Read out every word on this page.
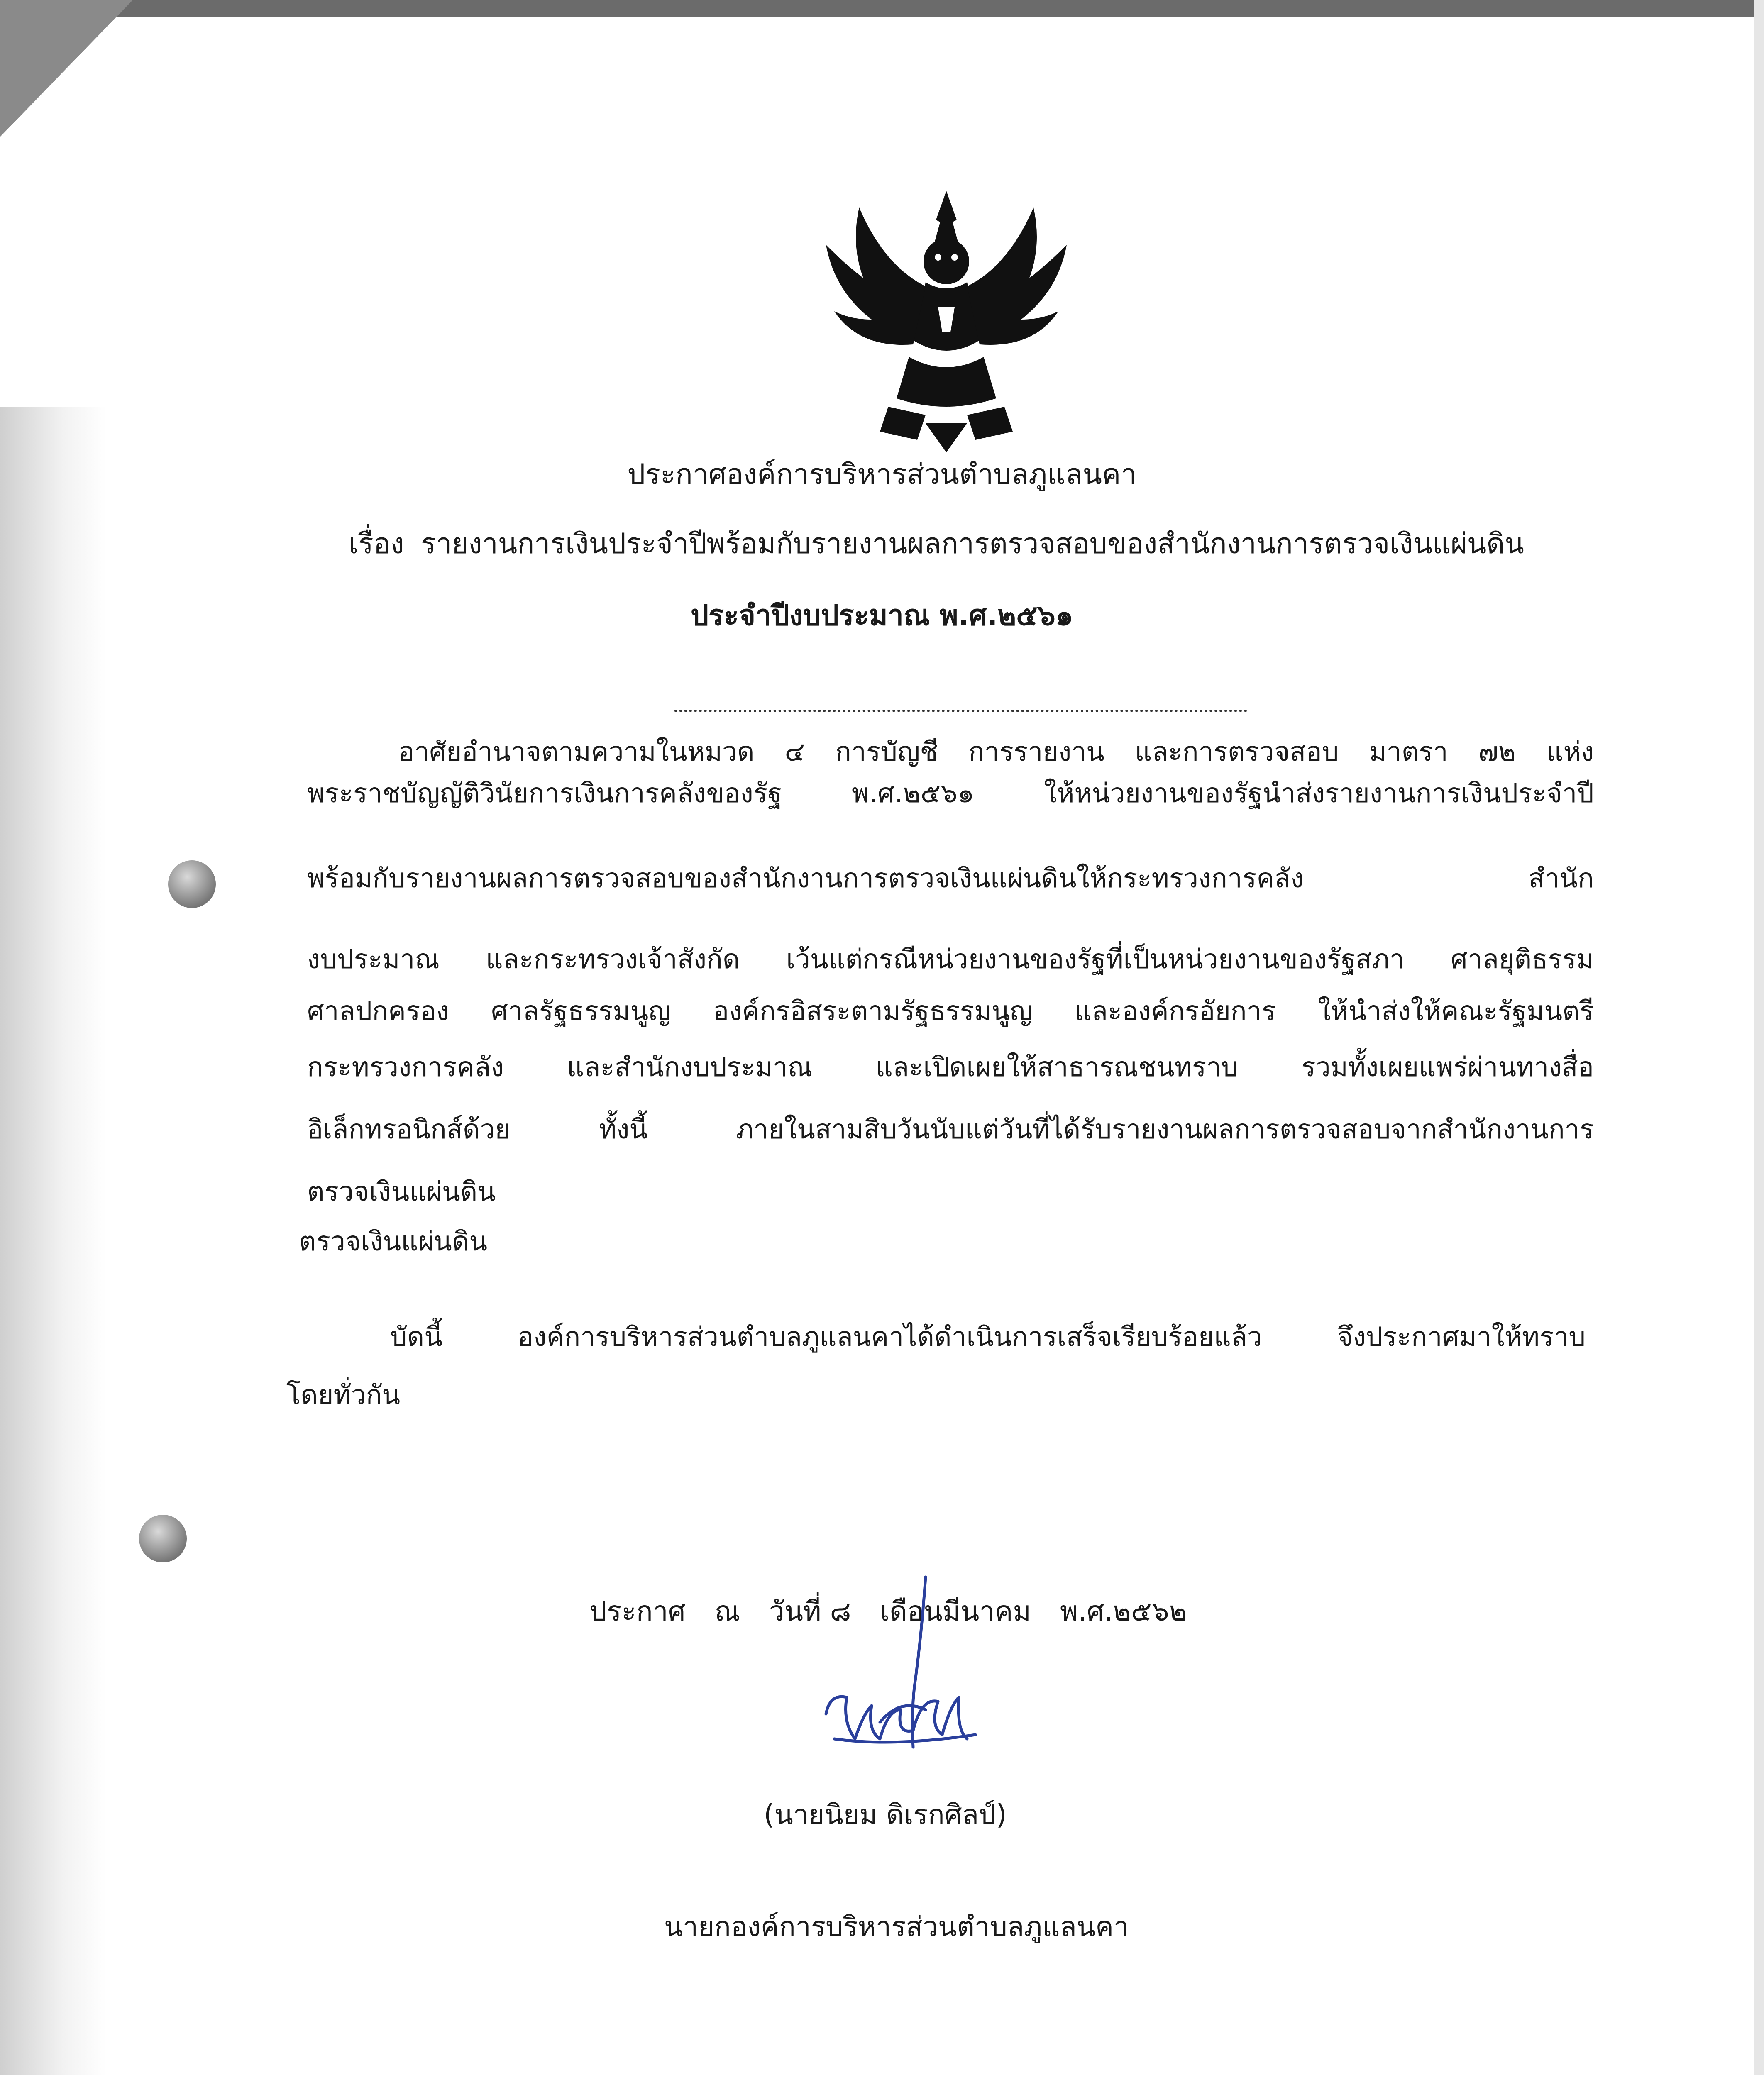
ประกาศองค์การบริหารส่วนตำบลภูแลนคา
เรื่อง รายงานการเงินประจำปีพร้อมกับรายงานผลการตรวจสอบของสำนักงานการตรวจเงินแผ่นดิน
ประจำปีงบประมาณ พ.ศ.๒๕๖๑
อาศัยอำนาจตามความในหมวด ๔ การบัญชี การรายงาน และการตรวจสอบ มาตรา ๗๒ แห่ง
พระราชบัญญัติวินัยการเงินการคลังของรัฐ พ.ศ.๒๕๖๑ ให้หน่วยงานของรัฐนำส่งรายงานการเงินประจำปี
พร้อมกับรายงานผลการตรวจสอบของสำนักงานการตรวจเงินแผ่นดินให้กระทรวงการคลัง สำนัก
งบประมาณ และกระทรวงเจ้าสังกัด เว้นแต่กรณีหน่วยงานของรัฐที่เป็นหน่วยงานของรัฐสภา ศาลยุติธรรม
ศาลปกครอง ศาลรัฐธรรมนูญ องค์กรอิสระตามรัฐธรรมนูญ และองค์กรอัยการ ให้นำส่งให้คณะรัฐมนตรี
กระทรวงการคลัง และสำนักงบประมาณ และเปิดเผยให้สาธารณชนทราบ รวมทั้งเผยแพร่ผ่านทางสื่อ
อิเล็กทรอนิกส์ด้วย ทั้งนี้ ภายในสามสิบวันนับแต่วันที่ได้รับรายงานผลการตรวจสอบจากสำนักงานการ
ตรวจเงินแผ่นดิน
ตรวจเงินแผ่นดิน
บัดนี้ องค์การบริหารส่วนตำบลภูแลนคาได้ดำเนินการเสร็จเรียบร้อยแล้ว จึงประกาศมาให้ทราบ
โดยทั่วกัน
ประกาศ ณ วันที่ ๘ เดือนมีนาคม พ.ศ.๒๕๖๒
(นายนิยม ดิเรกศิลป์)
นายกองค์การบริหารส่วนตำบลภูแลนคา
